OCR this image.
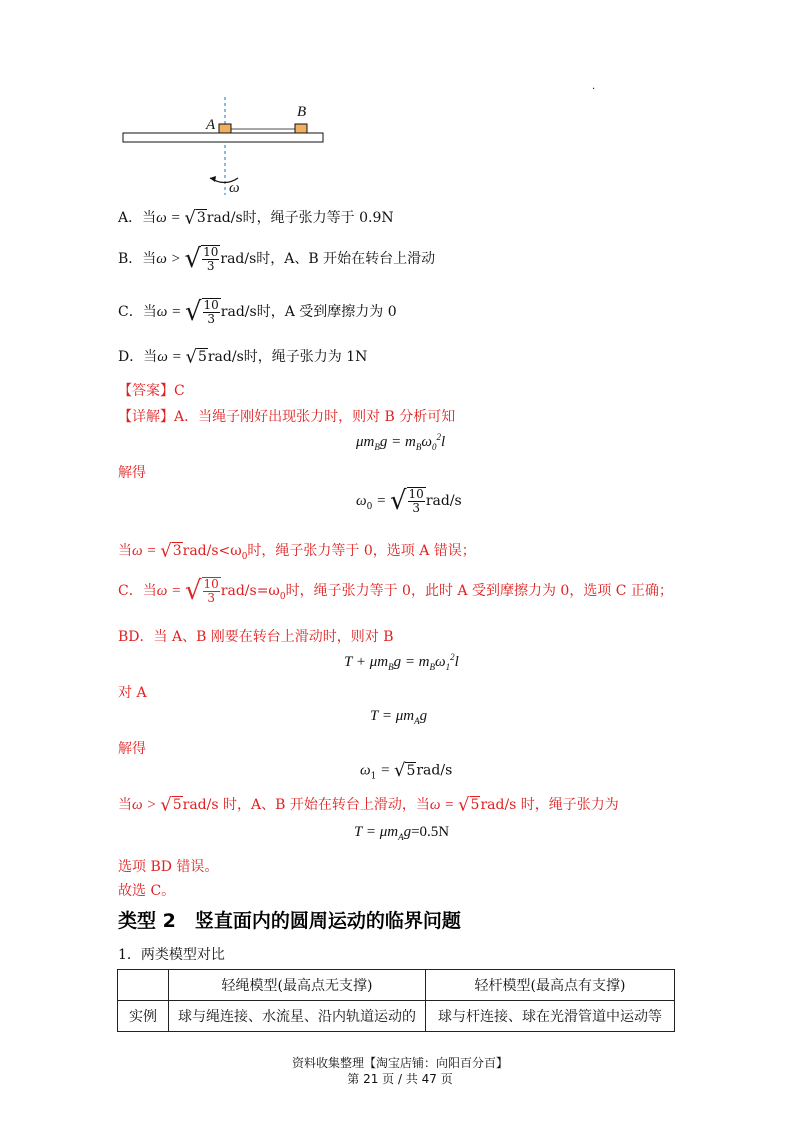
A
B
ω
·
A．当ω = √3rad/s时，绳子张力等于 0.9N
B．当ω > √ $\frac{10}{3} rad/s$时，A、B 开始在转台上滑动
C．当ω = √ $\frac{10}{3} rad/s$时，A 受到摩擦力为 0
D．当ω = √5rad/s时，绳子张力为 1N
【答案】C
【详解】A．当绳子刚好出现张力时，则对 B 分析可知
$\mu m_Bg = m_B\omega_0^2l$
解得
$\omega_0$ = √ $\frac{10}{3} rad/s$
当$\omega = √3rad/s<\omega_0$时，绳子张力等于 0，选项 A 错误；
C．当ω = √ $\frac{10}{3} rad/s=\omega_0$时，绳子张力等于 0，此时 A 受到摩擦力为 0，选项 C 正确；
BD．当 A、B 刚要在转台上滑动时，则对 B
$T + \mu m_Bg = m_B\omega_1^2l$
对 A
$T = \mu m_Ag$
解得
$\omega_1 = √5rad/s$
当ω > √5rad/s 时，A、B 开始在转台上滑动，当ω = √5rad/s 时，绳子张力为
$T = \mu m_Ag=0.5N$
选项 BD 错误。
故选 C。
类型 2　竖直面内的圆周运动的临界问题
1．两类模型对比
	轻绳模型(最高点无支撑)	轻杆模型(最高点有支撑)
实例	球与绳连接、水流星、沿内轨道运动的	球与杆连接、球在光滑管道中运动等
资料收集整理【淘宝店铺：向阳百分百】
第 21 页 / 共 47 页
